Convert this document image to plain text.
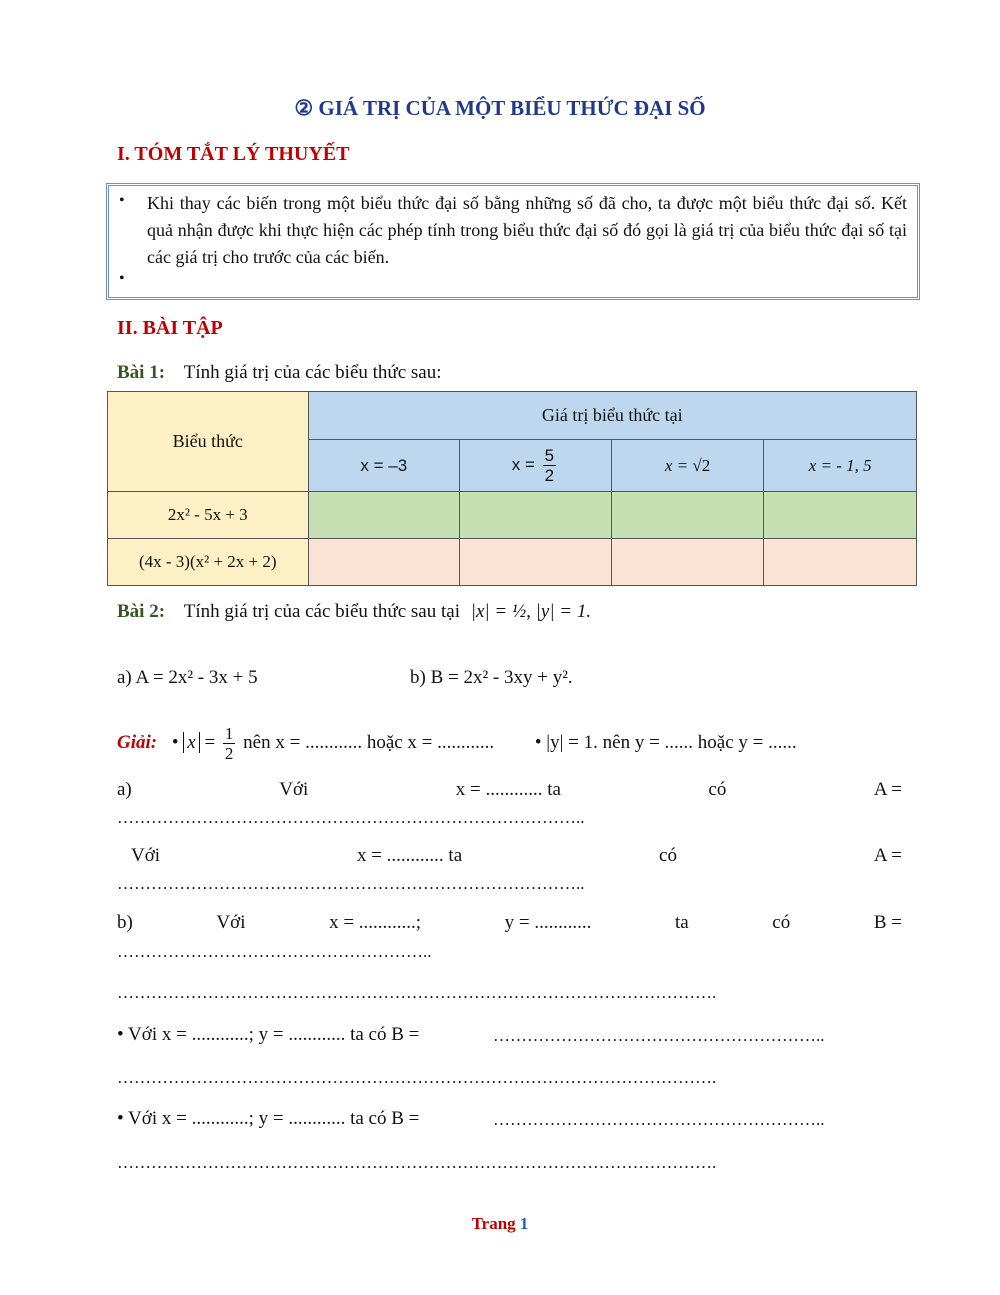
② GIÁ TRỊ CỦA MỘT BIỂU THỨC ĐẠI SỐ
I. TÓM TẮT LÝ THUYẾT
• Khi thay các biến trong một biểu thức đại số bằng những số đã cho, ta được một biểu thức đại số. Kết quả nhận được khi thực hiện các phép tính trong biểu thức đại số đó gọi là giá trị của biểu thức đại số tại các giá trị cho trước của các biến.
•
II. BÀI TẬP
Bài 1: Tính giá trị của các biểu thức sau:
Biểu thức	Giá trị biểu thức tại			
	x = –3	$x = \frac{5}{2}$	x = √2	x = - 1, 5
2x² - 5x + 3				
(4x - 3)(x² + 2x + 2)				
Bài 2: Tính giá trị của các biểu thức sau tại |x| = ½, |y| = 1.
a) A = 2x² - 3x + 5	b) B = 2x² - 3xy + y².
Giải: • $x = \frac{1}{2}$ nên x = ............ hoặc x = ............ • |y| = 1. nên y = ...... hoặc y = ......
a)	Với	x = ............ ta	có	A =
………………………………………………………………………..
Với	x = ............ ta	có	A =
………………………………………………………………………..
b)	Với	x = ............;	y = ............	ta	có	B =
………………………………………………..
…………………………………………………………………………………………….
• Với x = ............; y = ............ ta có B =	…………………………………………………..
…………………………………………………………………………………………….
• Với x = ............; y = ............ ta có B =	…………………………………………………..
…………………………………………………………………………………………….
Trang 1
